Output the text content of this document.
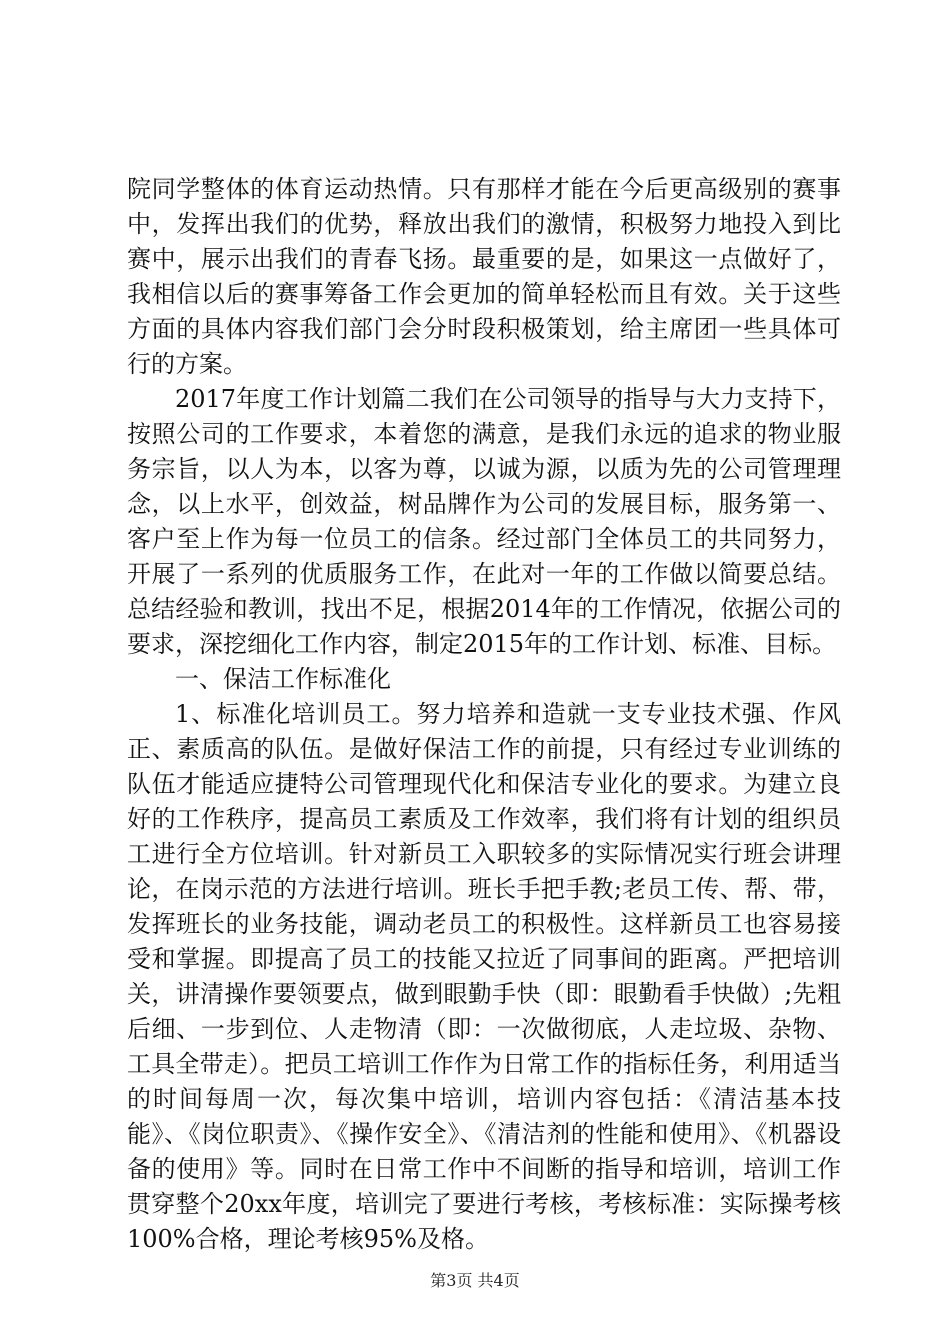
院同学整体的体育运动热情。只有那样才能在今后更高级别的赛事中，发挥出我们的优势，释放出我们的激情，积极努力地投入到比赛中，展示出我们的青春飞扬。最重要的是，如果这一点做好了，我相信以后的赛事筹备工作会更加的简单轻松而且有效。关于这些方面的具体内容我们部门会分时段积极策划，给主席团一些具体可行的方案。

2017年度工作计划篇二我们在公司领导的指导与大力支持下，按照公司的工作要求，本着您的满意，是我们永远的追求的物业服务宗旨，以人为本，以客为尊，以诚为源，以质为先的公司管理理念，以上水平，创效益，树品牌作为公司的发展目标，服务第一、客户至上作为每一位员工的信条。经过部门全体员工的共同努力，开展了一系列的优质服务工作，在此对一年的工作做以简要总结。总结经验和教训，找出不足，根据2014年的工作情况，依据公司的要求，深挖细化工作内容，制定2015年的工作计划、标准、目标。

一、保洁工作标准化

1、标准化培训员工。努力培养和造就一支专业技术强、作风正、素质高的队伍。是做好保洁工作的前提，只有经过专业训练的队伍才能适应捷特公司管理现代化和保洁专业化的要求。为建立良好的工作秩序，提高员工素质及工作效率，我们将有计划的组织员工进行全方位培训。针对新员工入职较多的实际情况实行班会讲理论，在岗示范的方法进行培训。班长手把手教;老员工传、帮、带，发挥班长的业务技能，调动老员工的积极性。这样新员工也容易接受和掌握。即提高了员工的技能又拉近了同事间的距离。严把培训关，讲清操作要领要点，做到眼勤手快（即：眼勤看手快做）;先粗后细、一步到位、人走物清（即：一次做彻底，人走垃圾、杂物、工具全带走）。把员工培训工作作为日常工作的指标任务，利用适当的时间每周一次，每次集中培训，培训内容包括：《清洁基本技能》、《岗位职责》、《操作安全》、《清洁剂的性能和使用》、《机器设备的使用》等。同时在日常工作中不间断的指导和培训，培训工作贯穿整个20xx年度，培训完了要进行考核，考核标准：实际操考核100%合格，理论考核95%及格。

第3页 共4页
